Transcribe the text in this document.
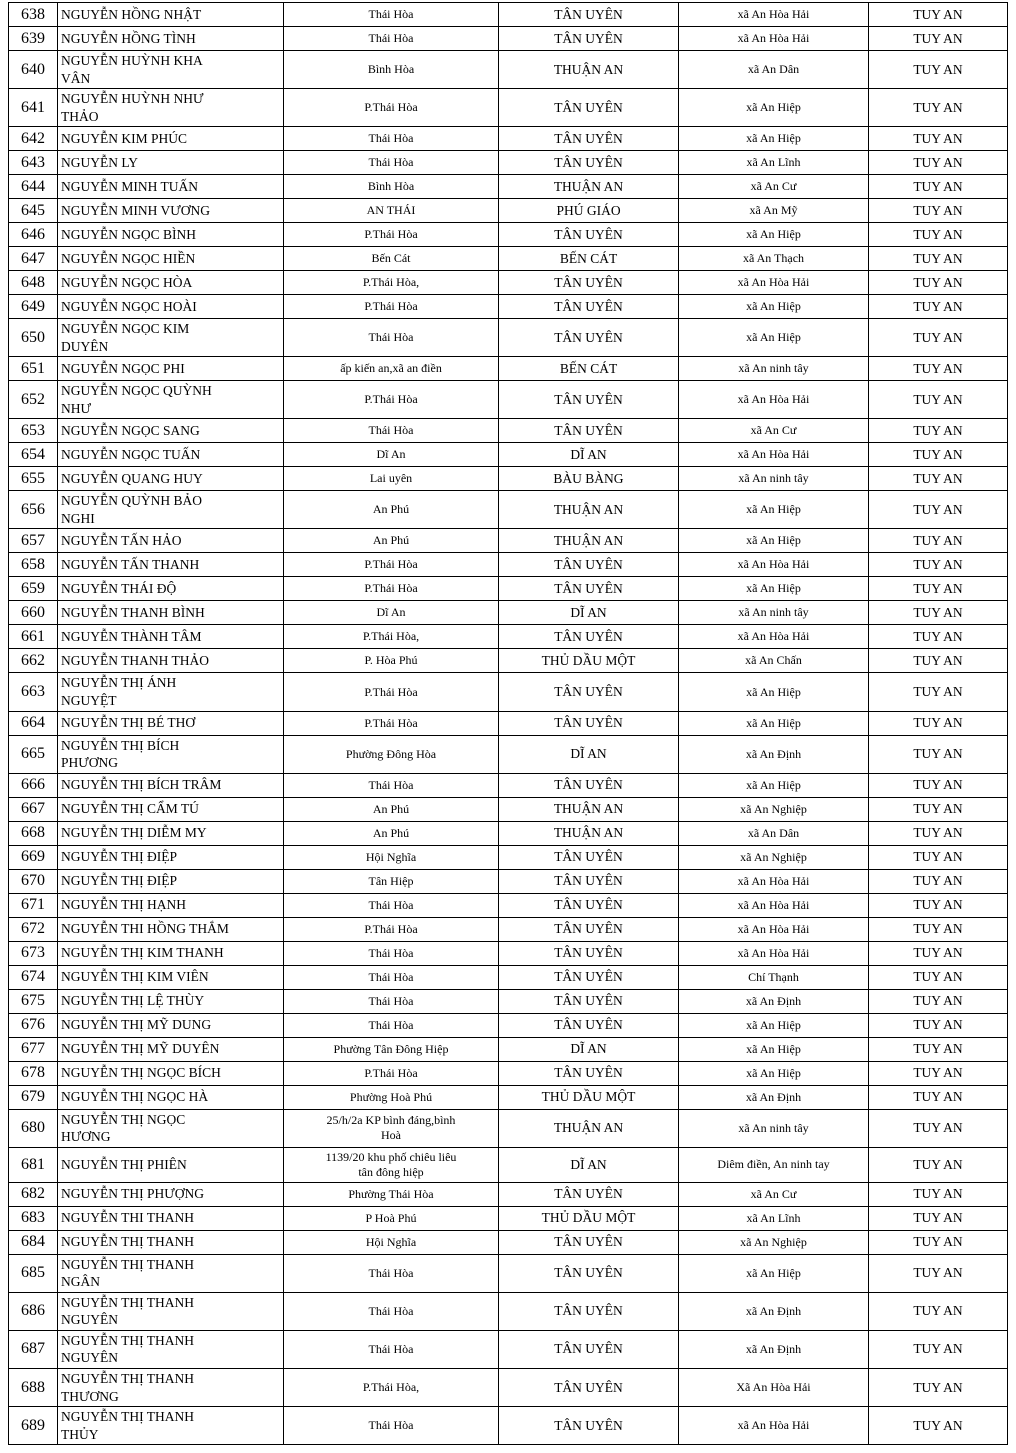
638	NGUYỄN HỒNG NHẬT	Thái Hòa	TÂN UYÊN	xã An Hòa Hải	TUY AN
639	NGUYỄN HỒNG TÌNH	Thái Hòa	TÂN UYÊN	xã An Hòa Hải	TUY AN
640	NGUYỄN HUỲNH KHA
VÂN	Bình Hòa	THUẬN AN	xã An Dân	TUY AN
641	NGUYỄN HUỲNH NHƯ
THẢO	P.Thái Hòa	TÂN UYÊN	xã An Hiệp	TUY AN
642	NGUYỄN KIM PHÚC	Thái Hòa	TÂN UYÊN	xã An Hiệp	TUY AN
643	NGUYỄN LY	Thái Hòa	TÂN UYÊN	xã An Lĩnh	TUY AN
644	NGUYỄN MINH TUẤN	Bình Hòa	THUẬN AN	xã An Cư	TUY AN
645	NGUYỄN MINH VƯƠNG	AN THÁI	PHÚ GIÁO	xã An Mỹ	TUY AN
646	NGUYỄN NGỌC BÌNH	P.Thái Hòa	TÂN UYÊN	xã An Hiệp	TUY AN
647	NGUYỄN NGỌC HIỀN	Bến Cát	BẾN CÁT	xã An Thạch	TUY AN
648	NGUYỄN NGỌC HÒA	P.Thái Hòa,	TÂN UYÊN	xã An Hòa Hải	TUY AN
649	NGUYỄN NGỌC HOÀI	P.Thái Hòa	TÂN UYÊN	xã An Hiệp	TUY AN
650	NGUYỄN NGỌC KIM
DUYÊN	Thái Hòa	TÂN UYÊN	xã An Hiệp	TUY AN
651	NGUYỄN NGỌC PHI	ấp kiến an,xã an điền	BẾN CÁT	xã An ninh tây	TUY AN
652	NGUYỄN NGỌC QUỲNH
NHƯ	P.Thái Hòa	TÂN UYÊN	xã An Hòa Hải	TUY AN
653	NGUYỄN NGỌC SANG	Thái Hòa	TÂN UYÊN	xã An Cư	TUY AN
654	NGUYỄN NGỌC TUẤN	Dĩ An	DĨ AN	xã An Hòa Hải	TUY AN
655	NGUYỄN QUANG HUY	Lai uyên	BÀU BÀNG	xã An ninh tây	TUY AN
656	NGUYỄN QUỲNH BẢO
NGHI	An Phú	THUẬN AN	xã An Hiệp	TUY AN
657	NGUYỄN TẤN HẢO	An Phú	THUẬN AN	xã An Hiệp	TUY AN
658	NGUYỄN TẤN THANH	P.Thái Hòa	TÂN UYÊN	xã An Hòa Hải	TUY AN
659	NGUYỄN THÁI ĐỘ	P.Thái Hòa	TÂN UYÊN	xã An Hiệp	TUY AN
660	NGUYỄN THANH BÌNH	Dĩ An	DĨ AN	xã An ninh tây	TUY AN
661	NGUYỄN THÀNH TÂM	P.Thái Hòa,	TÂN UYÊN	xã An Hòa Hải	TUY AN
662	NGUYỄN THANH THẢO	P. Hòa Phú	THỦ DẦU MỘT	xã An Chấn	TUY AN
663	NGUYỄN THỊ ÁNH
NGUYỆT	P.Thái Hòa	TÂN UYÊN	xã An Hiệp	TUY AN
664	NGUYỄN THỊ BÉ THƠ	P.Thái Hòa	TÂN UYÊN	xã An Hiệp	TUY AN
665	NGUYỄN THỊ BÍCH
PHƯƠNG	Phường Đông Hòa	DĨ AN	xã An Định	TUY AN
666	NGUYỄN THỊ BÍCH TRÂM	Thái Hòa	TÂN UYÊN	xã An Hiệp	TUY AN
667	NGUYỄN THỊ CẨM TÚ	An Phú	THUẬN AN	xã An Nghiệp	TUY AN
668	NGUYỄN THỊ DIỄM MY	An Phú	THUẬN AN	xã An Dân	TUY AN
669	NGUYỄN THỊ ĐIỆP	Hội Nghĩa	TÂN UYÊN	xã An Nghiệp	TUY AN
670	NGUYỄN THỊ ĐIỆP	Tân Hiệp	TÂN UYÊN	xã An Hòa Hải	TUY AN
671	NGUYỄN THỊ HẠNH	Thái Hòa	TÂN UYÊN	xã An Hòa Hải	TUY AN
672	NGUYỄN THI HỒNG THẮM	P.Thái Hòa	TÂN UYÊN	xã An Hòa Hải	TUY AN
673	NGUYỄN THỊ KIM THANH	Thái Hòa	TÂN UYÊN	xã An Hòa Hải	TUY AN
674	NGUYỄN THỊ KIM VIÊN	Thái Hòa	TÂN UYÊN	Chí Thạnh	TUY AN
675	NGUYỄN THỊ LỆ THÙY	Thái Hòa	TÂN UYÊN	xã An Định	TUY AN
676	NGUYỄN THỊ MỸ DUNG	Thái Hòa	TÂN UYÊN	xã An Hiệp	TUY AN
677	NGUYỄN THỊ MỸ DUYÊN	Phường Tân Đông Hiệp	DĨ AN	xã An Hiệp	TUY AN
678	NGUYỄN THỊ NGỌC BÍCH	P.Thái Hòa	TÂN UYÊN	xã An Hiệp	TUY AN
679	NGUYỄN THỊ NGỌC HÀ	Phường Hoà Phú	THỦ DẦU MỘT	xã An Định	TUY AN
680	NGUYỄN THỊ NGỌC
HƯƠNG	25/h/2a KP bình đáng,bình
Hoà	THUẬN AN	xã An ninh tây	TUY AN
681	NGUYỄN THỊ PHIÊN	1139/20 khu phố chiêu liêu
tân đông hiệp	DĨ AN	Diêm điền, An ninh tay	TUY AN
682	NGUYỄN THỊ PHƯỢNG	Phường Thái Hòa	TÂN UYÊN	xã An Cư	TUY AN
683	NGUYỄN THI THANH	P Hoà Phú	THỦ DẦU MỘT	xã An Lĩnh	TUY AN
684	NGUYỄN THỊ THANH	Hội Nghĩa	TÂN UYÊN	xã An Nghiệp	TUY AN
685	NGUYỄN THỊ THANH
NGÂN	Thái Hòa	TÂN UYÊN	xã An Hiệp	TUY AN
686	NGUYỄN THỊ THANH
NGUYÊN	Thái Hòa	TÂN UYÊN	xã An Định	TUY AN
687	NGUYỄN THỊ THANH
NGUYÊN	Thái Hòa	TÂN UYÊN	xã An Định	TUY AN
688	NGUYỄN THỊ THANH
THƯƠNG	P.Thái Hòa,	TÂN UYÊN	Xã An Hòa Hải	TUY AN
689	NGUYỄN THỊ THANH
THỦY	Thái Hòa	TÂN UYÊN	xã An Hòa Hải	TUY AN
